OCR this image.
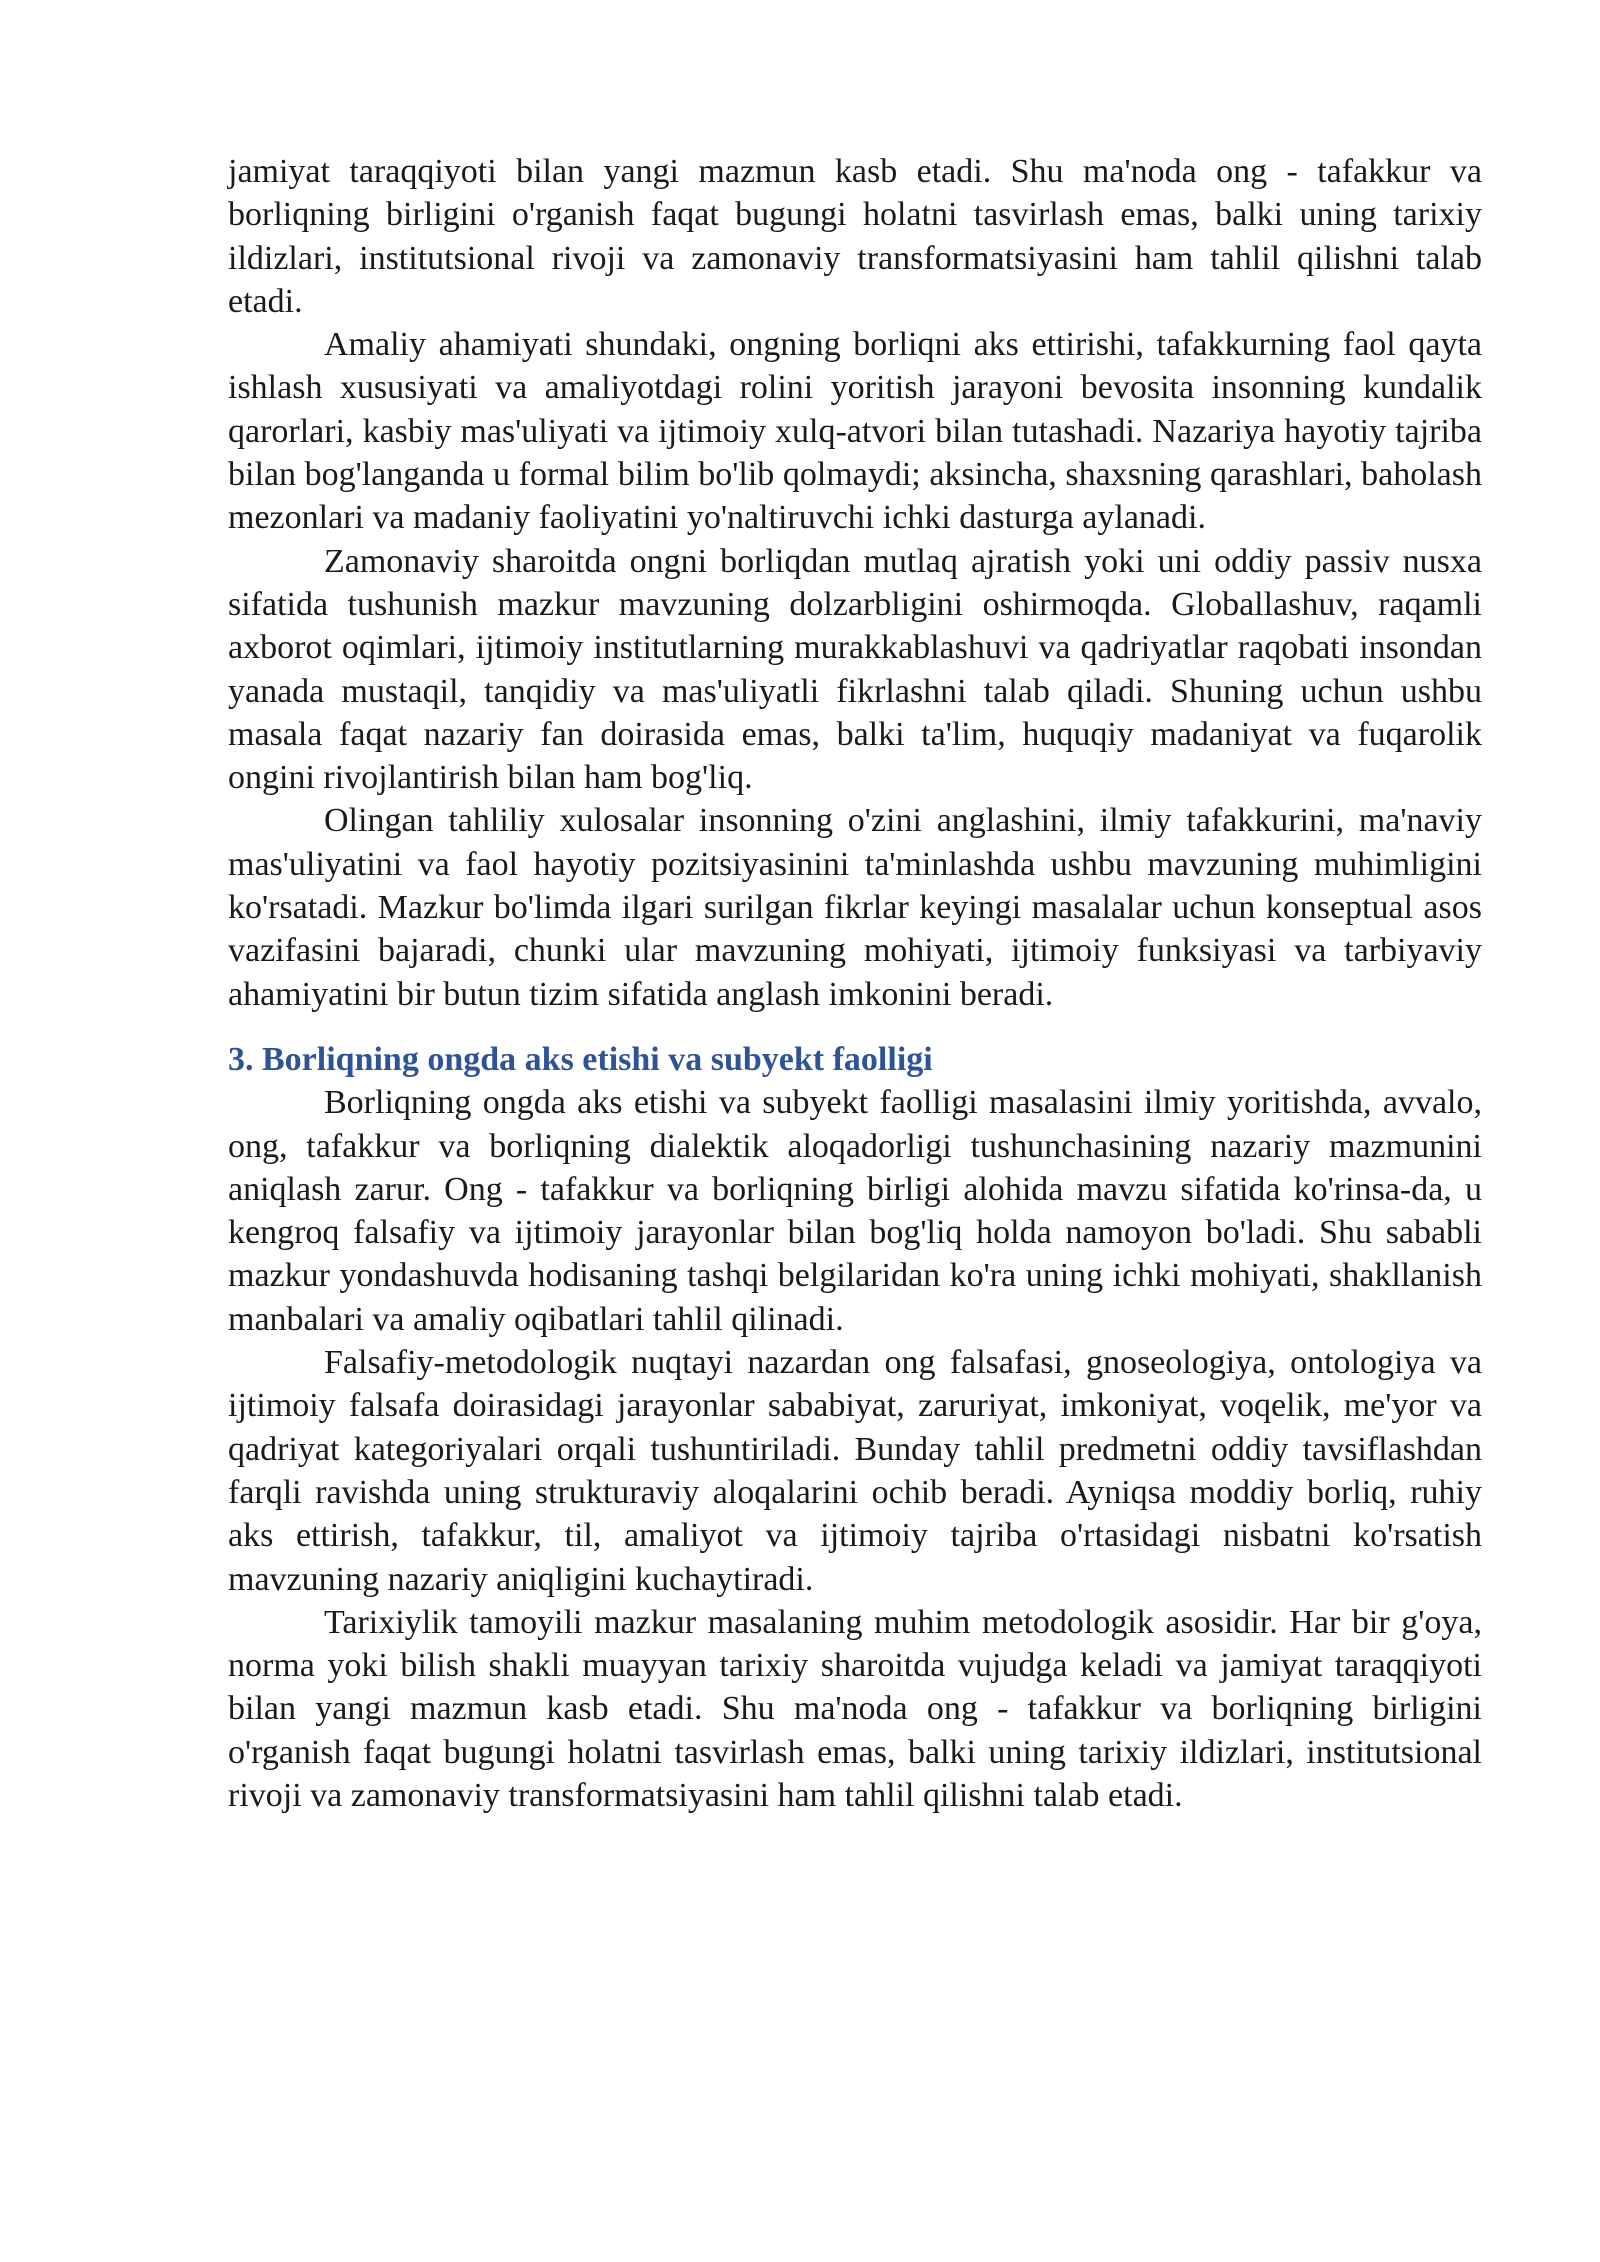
jamiyat taraqqiyoti bilan yangi mazmun kasb etadi. Shu ma'noda ong - tafakkur va borliqning birligini o'rganish faqat bugungi holatni tasvirlash emas, balki uning tarixiy ildizlari, institutsional rivoji va zamonaviy transformatsiyasini ham tahlil qilishni talab etadi.

Amaliy ahamiyati shundaki, ongning borliqni aks ettirishi, tafakkurning faol qayta ishlash xususiyati va amaliyotdagi rolini yoritish jarayoni bevosita insonning kundalik qarorlari, kasbiy mas'uliyati va ijtimoiy xulq-atvori bilan tutashadi. Nazariya hayotiy tajriba bilan bog'langanda u formal bilim bo'lib qolmaydi; aksincha, shaxsning qarashlari, baholash mezonlari va madaniy faoliyatini yo'naltiruvchi ichki dasturga aylanadi.

Zamonaviy sharoitda ongni borliqdan mutlaq ajratish yoki uni oddiy passiv nusxa sifatida tushunish mazkur mavzuning dolzarbligini oshirmoqda. Globallashuv, raqamli axborot oqimlari, ijtimoiy institutlarning murakkablashuvi va qadriyatlar raqobati insondan yanada mustaqil, tanqidiy va mas'uliyatli fikrlashni talab qiladi. Shuning uchun ushbu masala faqat nazariy fan doirasida emas, balki ta'lim, huquqiy madaniyat va fuqarolik ongini rivojlantirish bilan ham bog'liq.

Olingan tahliliy xulosalar insonning o'zini anglashini, ilmiy tafakkurini, ma'naviy mas'uliyatini va faol hayotiy pozitsiyasinini ta'minlashda ushbu mavzuning muhimligini ko'rsatadi. Mazkur bo'limda ilgari surilgan fikrlar keyingi masalalar uchun konseptual asos vazifasini bajaradi, chunki ular mavzuning mohiyati, ijtimoiy funksiyasi va tarbiyaviy ahamiyatini bir butun tizim sifatida anglash imkonini beradi.

3. Borliqning ongda aks etishi va subyekt faolligi

Borliqning ongda aks etishi va subyekt faolligi masalasini ilmiy yoritishda, avvalo, ong, tafakkur va borliqning dialektik aloqadorligi tushunchasining nazariy mazmunini aniqlash zarur. Ong - tafakkur va borliqning birligi alohida mavzu sifatida ko'rinsa-da, u kengroq falsafiy va ijtimoiy jarayonlar bilan bog'liq holda namoyon bo'ladi. Shu sababli mazkur yondashuvda hodisaning tashqi belgilaridan ko'ra uning ichki mohiyati, shakllanish manbalari va amaliy oqibatlari tahlil qilinadi.

Falsafiy-metodologik nuqtayi nazardan ong falsafasi, gnoseologiya, ontologiya va ijtimoiy falsafa doirasidagi jarayonlar sababiyat, zaruriyat, imkoniyat, voqelik, me'yor va qadriyat kategoriyalari orqali tushuntiriladi. Bunday tahlil predmetni oddiy tavsiflashdan farqli ravishda uning strukturaviy aloqalarini ochib beradi. Ayniqsa moddiy borliq, ruhiy aks ettirish, tafakkur, til, amaliyot va ijtimoiy tajriba o'rtasidagi nisbatni ko'rsatish mavzuning nazariy aniqligini kuchaytiradi.

Tarixiylik tamoyili mazkur masalaning muhim metodologik asosidir. Har bir g'oya, norma yoki bilish shakli muayyan tarixiy sharoitda vujudga keladi va jamiyat taraqqiyoti bilan yangi mazmun kasb etadi. Shu ma'noda ong - tafakkur va borliqning birligini o'rganish faqat bugungi holatni tasvirlash emas, balki uning tarixiy ildizlari, institutsional rivoji va zamonaviy transformatsiyasini ham tahlil qilishni talab etadi.
